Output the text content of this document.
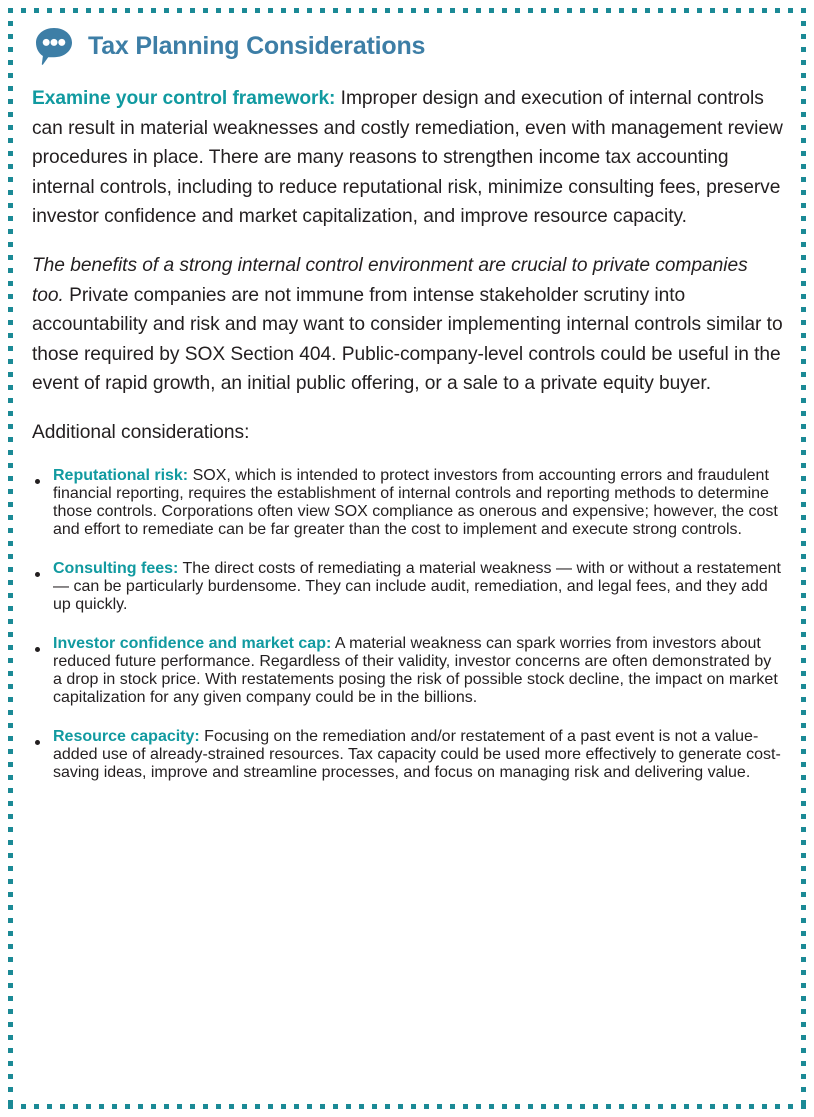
Tax Planning Considerations

Examine your control framework: Improper design and execution of internal controls can result in material weaknesses and costly remediation, even with management review procedures in place. There are many reasons to strengthen income tax accounting internal controls, including to reduce reputational risk, minimize consulting fees, preserve investor confidence and market capitalization, and improve resource capacity.

The benefits of a strong internal control environment are crucial to private companies too. Private companies are not immune from intense stakeholder scrutiny into accountability and risk and may want to consider implementing internal controls similar to those required by SOX Section 404. Public-company-level controls could be useful in the event of rapid growth, an initial public offering, or a sale to a private equity buyer.

Additional considerations:

Reputational risk: SOX, which is intended to protect investors from accounting errors and fraudulent financial reporting, requires the establishment of internal controls and reporting methods to determine those controls. Corporations often view SOX compliance as onerous and expensive; however, the cost and effort to remediate can be far greater than the cost to implement and execute strong controls.
Consulting fees: The direct costs of remediating a material weakness — with or without a restatement — can be particularly burdensome. They can include audit, remediation, and legal fees, and they add up quickly.
Investor confidence and market cap: A material weakness can spark worries from investors about reduced future performance. Regardless of their validity, investor concerns are often demonstrated by a drop in stock price. With restatements posing the risk of possible stock decline, the impact on market capitalization for any given company could be in the billions.
Resource capacity: Focusing on the remediation and/or restatement of a past event is not a value-added use of already-strained resources. Tax capacity could be used more effectively to generate cost-saving ideas, improve and streamline processes, and focus on managing risk and delivering value.
